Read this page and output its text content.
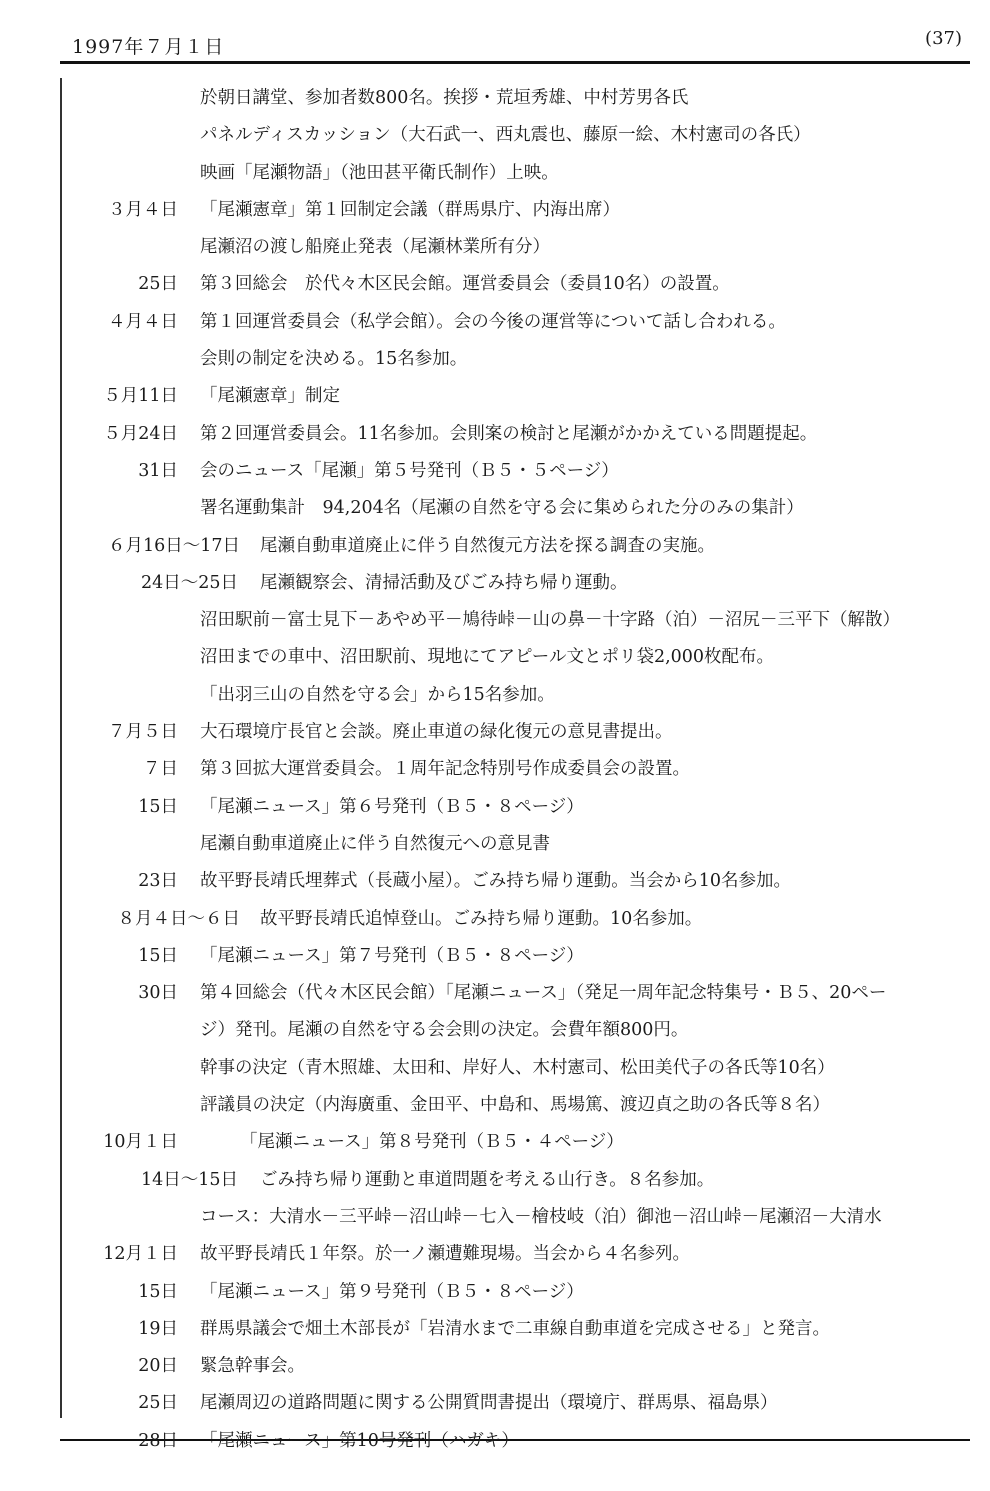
1997年７月１日	(37)
於朝日講堂、参加者数800名。挨拶・荒垣秀雄、中村芳男各氏
パネルディスカッション（大石武一、西丸震也、藤原一絵、木村憲司の各氏）
映画「尾瀬物語」（池田甚平衛氏制作）上映。
３月４日 「尾瀬憲章」第１回制定会議（群馬県庁、内海出席）
尾瀬沼の渡し船廃止発表（尾瀬林業所有分）
25日 第３回総会　於代々木区民会館。運営委員会（委員10名）の設置。
４月４日 第１回運営委員会（私学会館）。会の今後の運営等について話し合われる。
会則の制定を決める。15名参加。
５月11日 「尾瀬憲章」制定
５月24日 第２回運営委員会。11名参加。会則案の検討と尾瀬がかかえている問題提起。
31日 会のニュース「尾瀬」第５号発刊（Ｂ５・５ページ）
署名運動集計　94,204名（尾瀬の自然を守る会に集められた分のみの集計）
６月16日～17日 尾瀬自動車道廃止に伴う自然復元方法を探る調査の実施。
24日～25日 尾瀬観察会、清掃活動及びごみ持ち帰り運動。
沼田駅前－富士見下－あやめ平－鳩待峠－山の鼻－十字路（泊）－沼尻－三平下（解散）
沼田までの車中、沼田駅前、現地にてアピール文とポリ袋2,000枚配布。
「出羽三山の自然を守る会」から15名参加。
７月５日 大石環境庁長官と会談。廃止車道の緑化復元の意見書提出。
７日 第３回拡大運営委員会。１周年記念特別号作成委員会の設置。
15日 「尾瀬ニュース」第６号発刊（Ｂ５・８ページ）
尾瀬自動車道廃止に伴う自然復元への意見書
23日 故平野長靖氏埋葬式（長蔵小屋）。ごみ持ち帰り運動。当会から10名参加。
８月４日～６日 故平野長靖氏追悼登山。ごみ持ち帰り運動。10名参加。
15日 「尾瀬ニュース」第７号発刊（Ｂ５・８ページ）
30日 第４回総会（代々木区民会館）「尾瀬ニュース」（発足一周年記念特集号・Ｂ５、20ペー
ジ）発刊。尾瀬の自然を守る会会則の決定。会費年額800円。
幹事の決定（青木照雄、太田和、岸好人、木村憲司、松田美代子の各氏等10名）
評議員の決定（内海廣重、金田平、中島和、馬場篤、渡辺貞之助の各氏等８名）
10月１日	「尾瀬ニュース」第８号発刊（Ｂ５・４ページ）
14日～15日 ごみ持ち帰り運動と車道問題を考える山行き。８名参加。
コース：大清水－三平峠－沼山峠－七入－檜枝岐（泊）御池－沼山峠－尾瀬沼－大清水
12月１日 故平野長靖氏１年祭。於一ノ瀬遭難現場。当会から４名参列。
15日 「尾瀬ニュース」第９号発刊（Ｂ５・８ページ）
19日 群馬県議会で畑土木部長が「岩清水まで二車線自動車道を完成させる」と発言。
20日 緊急幹事会。
25日 尾瀬周辺の道路問題に関する公開質問書提出（環境庁、群馬県、福島県）
28日 「尾瀬ニュース」第10号発刊（ハガキ）
